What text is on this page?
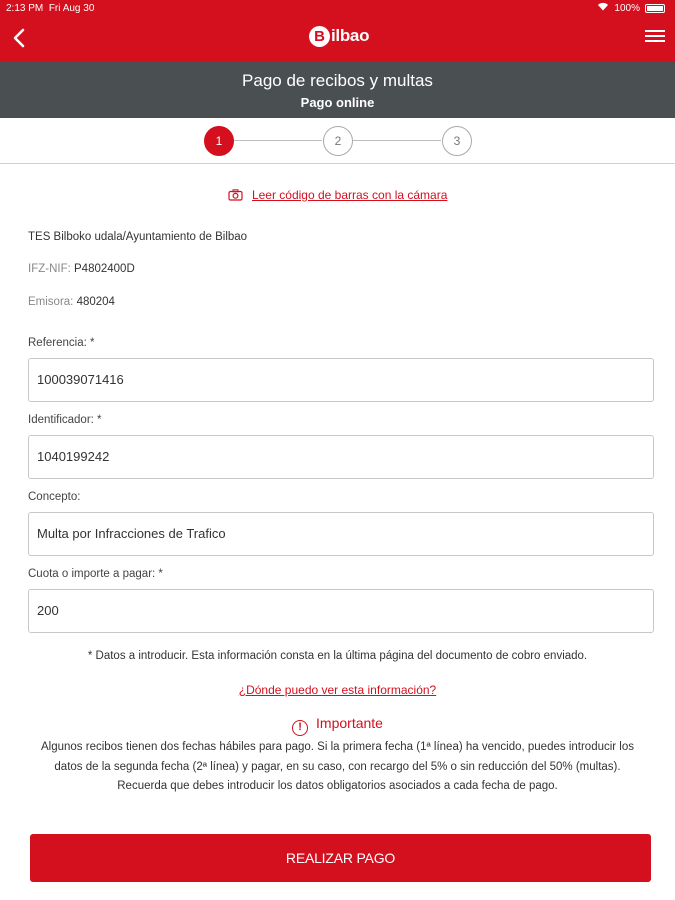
2:13 PM Fri Aug 30	100%
B ilbao
Pago de recibos y multas
Pago online
1	2	3
Leer código de barras con la cámara
TES Bilboko udala/Ayuntamiento de Bilbao
IFZ-NIF: P4802400D
Emisora: 480204
Referencia: *
100039071416
Identificador: *
1040199242
Concepto:
Multa por Infracciones de Trafico
Cuota o importe a pagar: *
200
* Datos a introducir. Esta información consta en la última página del documento de cobro enviado.
¿Dónde puedo ver esta información?
! Importante
Algunos recibos tienen dos fechas hábiles para pago. Si la primera fecha (1ª línea) ha vencido, puedes introducir los datos de la segunda fecha (2ª línea) y pagar, en su caso, con recargo del 5% o sin reducción del 50% (multas). Recuerda que debes introducir los datos obligatorios asociados a cada fecha de pago.
REALIZAR PAGO
